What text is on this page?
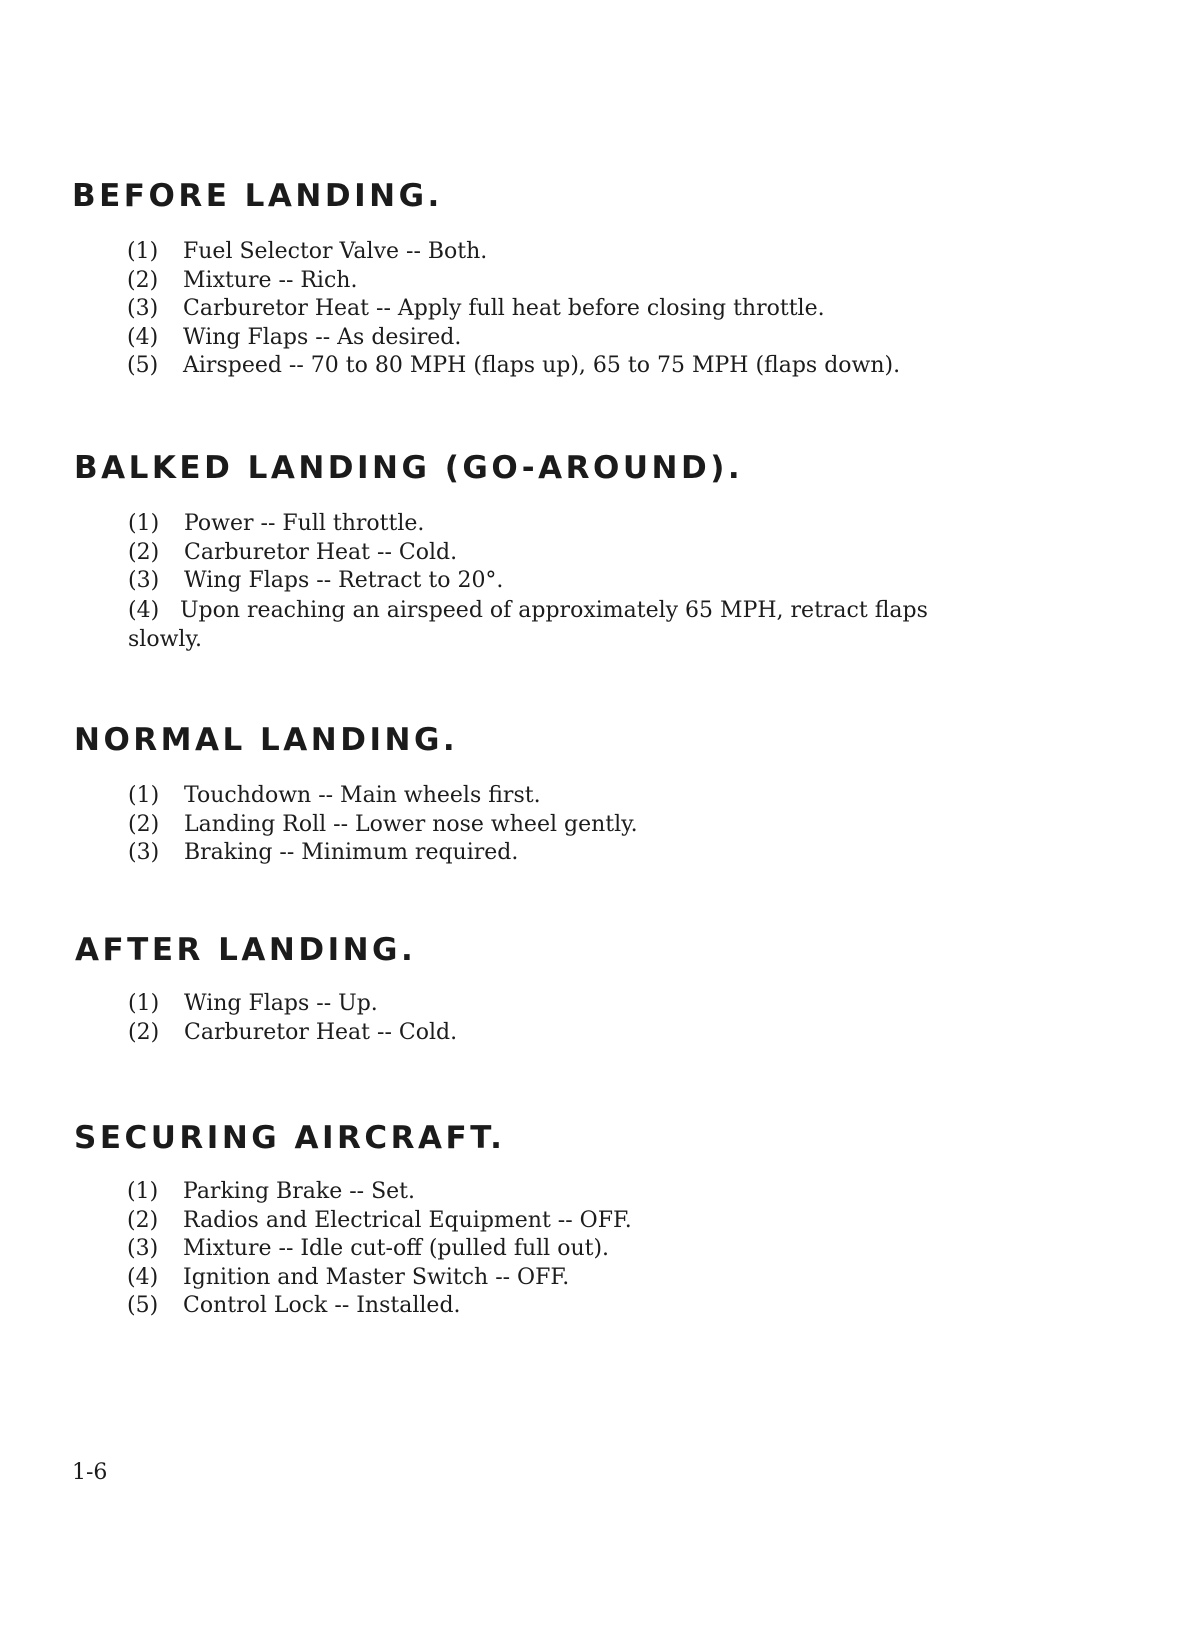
BEFORE LANDING.
(1) Fuel Selector Valve -- Both.
(2) Mixture -- Rich.
(3) Carburetor Heat -- Apply full heat before closing throttle.
(4) Wing Flaps -- As desired.
(5) Airspeed -- 70 to 80 MPH (flaps up), 65 to 75 MPH (flaps down).
BALKED LANDING (GO-AROUND).
(1) Power -- Full throttle.
(2) Carburetor Heat -- Cold.
(3) Wing Flaps -- Retract to 20°.
(4) Upon reaching an airspeed of approximately 65 MPH, retract flaps slowly.
NORMAL LANDING.
(1) Touchdown -- Main wheels first.
(2) Landing Roll -- Lower nose wheel gently.
(3) Braking -- Minimum required.
AFTER LANDING.
(1) Wing Flaps -- Up.
(2) Carburetor Heat -- Cold.
SECURING AIRCRAFT.
(1) Parking Brake -- Set.
(2) Radios and Electrical Equipment -- OFF.
(3) Mixture -- Idle cut-off (pulled full out).
(4) Ignition and Master Switch -- OFF.
(5) Control Lock -- Installed.
1-6
